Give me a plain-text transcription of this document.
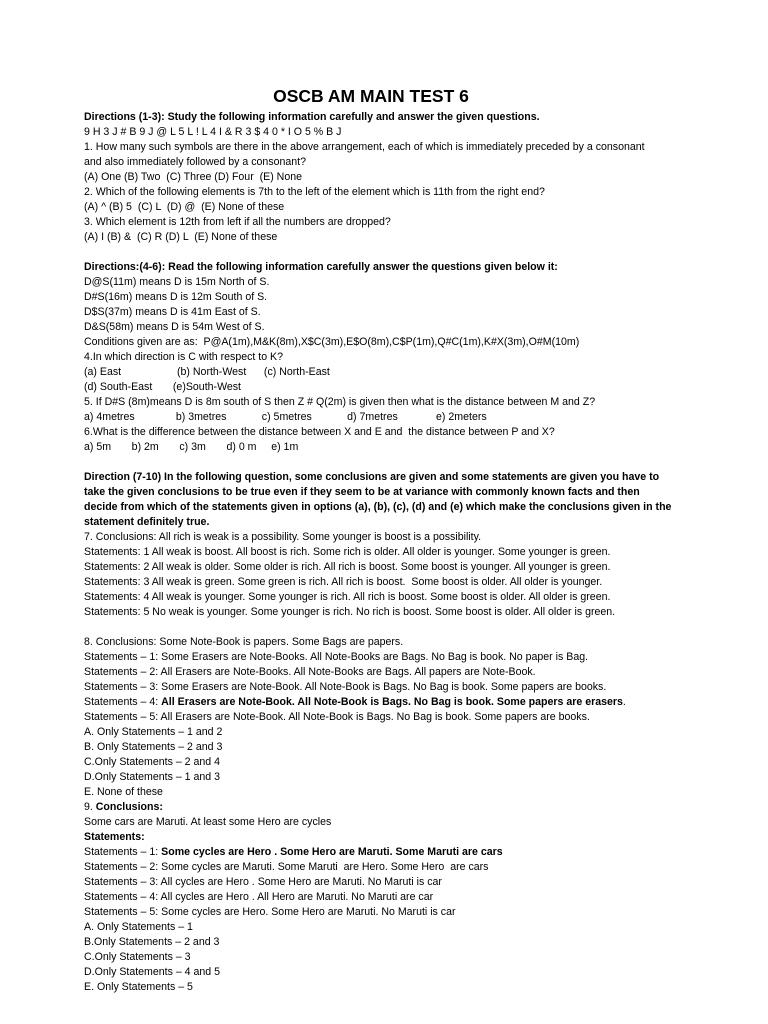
OSCB AM MAIN TEST 6
Directions (1-3): Study the following information carefully and answer the given questions.
9 H 3 J # B 9 J @ L 5 L ! L 4 I & R 3 $ 4 0 * I O 5 % B J
1. How many such symbols are there in the above arrangement, each of which is immediately preceded by a consonant
and also immediately followed by a consonant?
(A) One (B) Two  (C) Three (D) Four  (E) None
2. Which of the following elements is 7th to the left of the element which is 11th from the right end?
(A) ^ (B) 5  (C) L  (D) @  (E) None of these
3. Which element is 12th from left if all the numbers are dropped?
(A) I (B) &  (C) R (D) L  (E) None of these
Directions:(4-6): Read the following information carefully answer the questions given below it:
D@S(11m) means D is 15m North of S.
D#S(16m) means D is 12m South of S.
D$S(37m) means D is 41m East of S.
D&S(58m) means D is 54m West of S.
Conditions given are as:  P@A(1m),M&K(8m),X$C(3m),E$O(8m),C$P(1m),Q#C(1m),K#X(3m),O#M(10m)
4.In which direction is C with respect to K?
(a) East                   (b) North-West      (c) North-East
(d) South-East       (e)South-West
5. If D#S (8m)means D is 8m south of S then Z # Q(2m) is given then what is the distance between M and Z?
a) 4metres              b) 3metres            c) 5metres            d) 7metres             e) 2meters
6.What is the difference between the distance between X and E and  the distance between P and X?
a) 5m       b) 2m       c) 3m       d) 0 m     e) 1m
Direction (7-10) In the following question, some conclusions are given and some statements are given you have to
take the given conclusions to be true even if they seem to be at variance with commonly known facts and then
decide from which of the statements given in options (a), (b), (c), (d) and (e) which make the conclusions given in the
statement definitely true.
7. Conclusions: All rich is weak is a possibility. Some younger is boost is a possibility.
Statements: 1 All weak is boost. All boost is rich. Some rich is older. All older is younger. Some younger is green.
Statements: 2 All weak is older. Some older is rich. All rich is boost. Some boost is younger. All younger is green.
Statements: 3 All weak is green. Some green is rich. All rich is boost.  Some boost is older. All older is younger.
Statements: 4 All weak is younger. Some younger is rich. All rich is boost. Some boost is older. All older is green.
Statements: 5 No weak is younger. Some younger is rich. No rich is boost. Some boost is older. All older is green.
8. Conclusions: Some Note-Book is papers. Some Bags are papers.
Statements – 1: Some Erasers are Note-Books. All Note-Books are Bags. No Bag is book. No paper is Bag.
Statements – 2: All Erasers are Note-Books. All Note-Books are Bags. All papers are Note-Book.
Statements – 3: Some Erasers are Note-Book. All Note-Book is Bags. No Bag is book. Some papers are books.
Statements – 4: All Erasers are Note-Book. All Note-Book is Bags. No Bag is book. Some papers are erasers.
Statements – 5: All Erasers are Note-Book. All Note-Book is Bags. No Bag is book. Some papers are books.
A. Only Statements – 1 and 2
B. Only Statements – 2 and 3
C.Only Statements – 2 and 4
D.Only Statements – 1 and 3
E. None of these
9. Conclusions:
Some cars are Maruti. At least some Hero are cycles
Statements:
Statements – 1: Some cycles are Hero . Some Hero are Maruti. Some Maruti are cars
Statements – 2: Some cycles are Maruti. Some Maruti  are Hero. Some Hero  are cars
Statements – 3: All cycles are Hero . Some Hero are Maruti. No Maruti is car
Statements – 4: All cycles are Hero . All Hero are Maruti. No Maruti are car
Statements – 5: Some cycles are Hero. Some Hero are Maruti. No Maruti is car
A. Only Statements – 1
B.Only Statements – 2 and 3
C.Only Statements – 3
D.Only Statements – 4 and 5
E. Only Statements – 5
